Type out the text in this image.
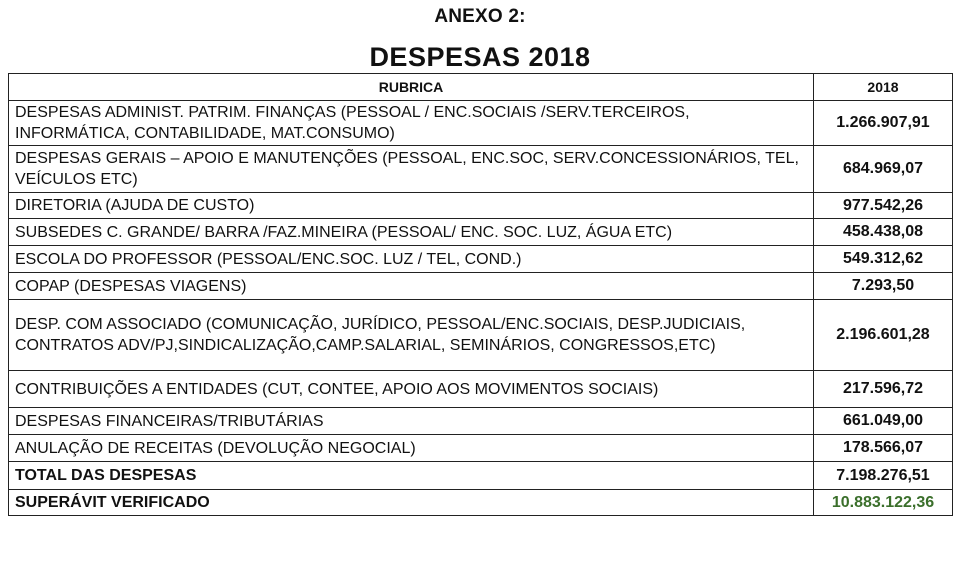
ANEXO 2:
DESPESAS 2018
RUBRICA	2018
DESPESAS ADMINIST. PATRIM. FINANÇAS (PESSOAL / ENC.SOCIAIS /SERV.TERCEIROS, INFORMÁTICA, CONTABILIDADE, MAT.CONSUMO)	1.266.907,91
DESPESAS GERAIS – APOIO E MANUTENÇÕES (PESSOAL, ENC.SOC, SERV.CONCESSIONÁRIOS, TEL, VEÍCULOS ETC)	684.969,07
DIRETORIA (AJUDA DE CUSTO)	977.542,26
SUBSEDES C. GRANDE/ BARRA /FAZ.MINEIRA (PESSOAL/ ENC. SOC. LUZ, ÁGUA ETC)	458.438,08
ESCOLA DO PROFESSOR (PESSOAL/ENC.SOC. LUZ / TEL, COND.)	549.312,62
COPAP (DESPESAS VIAGENS)	7.293,50
DESP. COM ASSOCIADO (COMUNICAÇÃO, JURÍDICO, PESSOAL/ENC.SOCIAIS, DESP.JUDICIAIS, CONTRATOS ADV/PJ,SINDICALIZAÇÃO,CAMP.SALARIAL, SEMINÁRIOS, CONGRESSOS,ETC)	2.196.601,28
CONTRIBUIÇÕES A ENTIDADES (CUT, CONTEE, APOIO AOS MOVIMENTOS SOCIAIS)	217.596,72
DESPESAS FINANCEIRAS/TRIBUTÁRIAS	661.049,00
ANULAÇÃO DE RECEITAS (DEVOLUÇÃO NEGOCIAL)	178.566,07
TOTAL DAS DESPESAS	7.198.276,51
SUPERÁVIT VERIFICADO	10.883.122,36
